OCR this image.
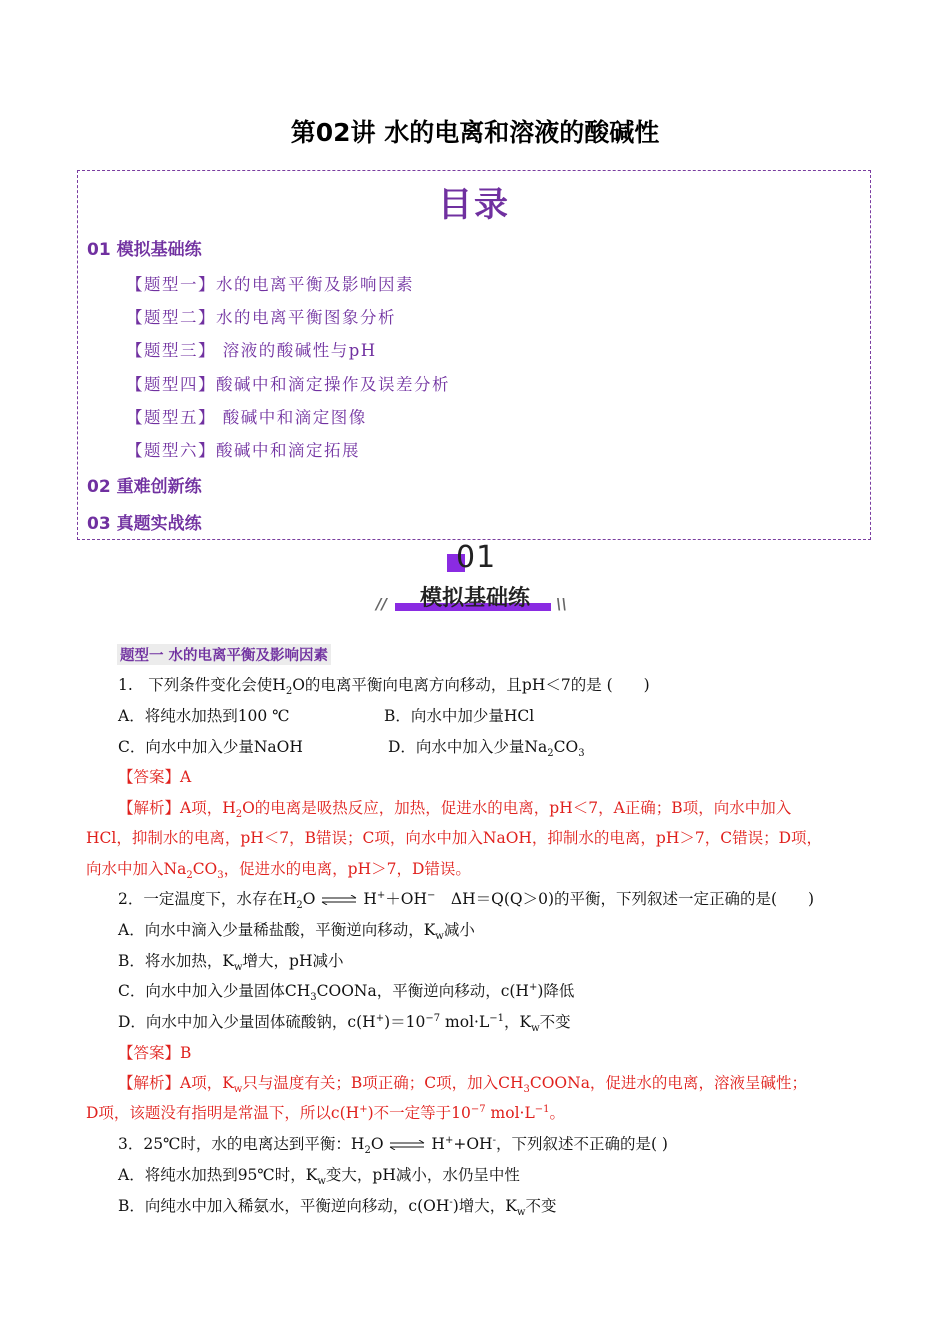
第02讲 水的电离和溶液的酸碱性
目录
01 模拟基础练
【题型一】水的电离平衡及影响因素
【题型二】水的电离平衡图象分析
【题型三】 溶液的酸碱性与pH
【题型四】酸碱中和滴定操作及误差分析
【题型五】 酸碱中和滴定图像
【题型六】酸碱中和滴定拓展
02 重难创新练
03 真题实战练
01
//	模拟基础练	\\
题型一 水的电离平衡及影响因素
1.　下列条件变化会使$H_2O$的电离平衡向电离方向移动，且pH＜7的是 (　　)
A．将纯水加热到100 ℃	B．向水中加少量HCl
C．向水中加入少量NaOH	D．向水中加入少量$Na_2CO_3$
【答案】A
【解析】A项，$H_2O$的电离是吸热反应，加热，促进水的电离，pH＜7，A正确；B项，向水中加入
HCl，抑制水的电离，pH＜7，B错误；C项，向水中加入NaOH，抑制水的电离，pH＞7，C错误；D项，
向水中加入$Na_2CO_3$，促进水的电离，pH＞7，D错误。
2．一定温度下，水存在$H_2O$ ⇌ H+＋OH−　ΔH＝Q(Q＞0)的平衡，下列叙述一定正确的是(　　)
A．向水中滴入少量稀盐酸，平衡逆向移动，$K_w$减小
B．将水加热，$K_w$增大，pH减小
C．向水中加入少量固体$CH_3COONa$，平衡逆向移动，c(H+)降低
D．向水中加入少量固体硫酸钠，$c(H^+)=10^{-7}$ $mol\cdot L^{-1}$，$K_w$不变
【答案】B
【解析】A项，$K_w$只与温度有关；B项正确；C项，加入$CH_3COONa$，促进水的电离，溶液呈碱性；
D项，该题没有指明是常温下，所以c(H+)不一定等于$10^{-7}$ $mol\cdot L^{-1}$。
3．25℃时，水的电离达到平衡：$H_2O$ ⇌ H++OH-，下列叙述不正确的是( )
A．将纯水加热到95℃时，$K_w$变大，pH减小，水仍呈中性
B．向纯水中加入稀氨水，平衡逆向移动，c(OH-)增大，$K_w$不变
